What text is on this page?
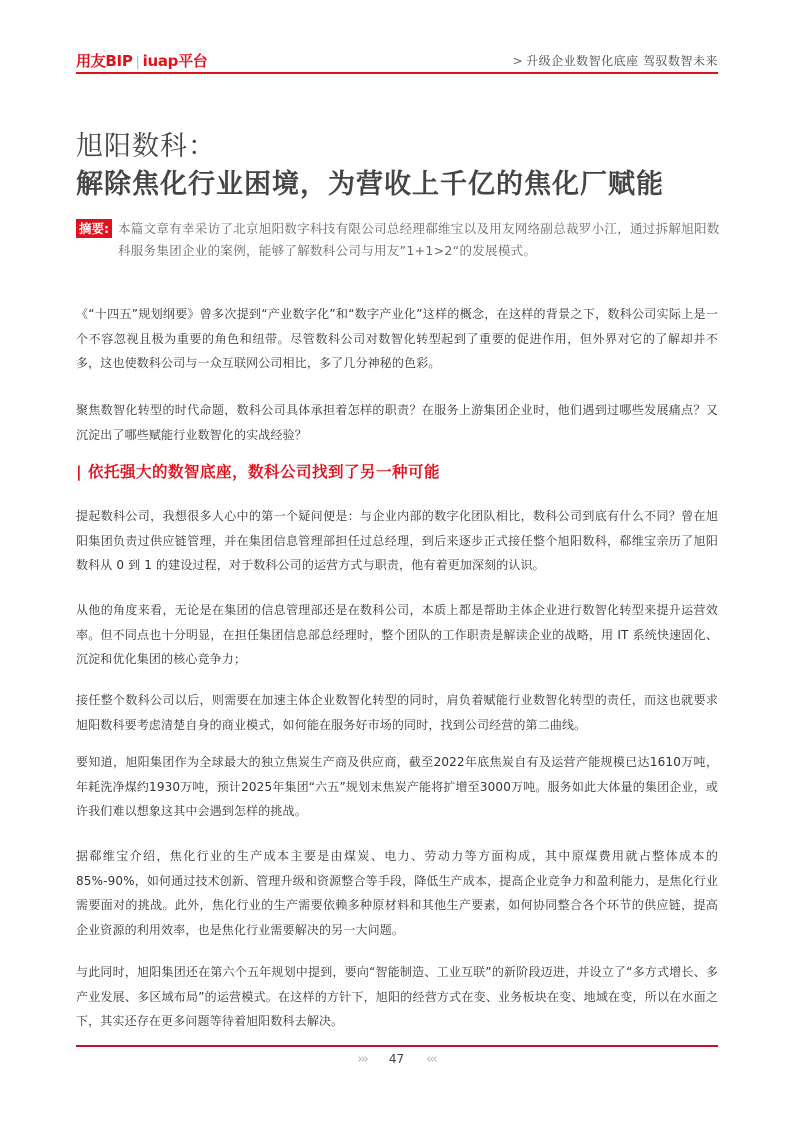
用友BIP | iuap平台	> 升级企业数智化底座 驾驭数智未来
旭阳数科：
解除焦化行业困境，为营收上千亿的焦化厂赋能
摘要: 本篇文章有幸采访了北京旭阳数字科技有限公司总经理郗维宝以及用友网络副总裁罗小江，通过拆解旭阳数科服务集团企业的案例，能够了解数科公司与用友”1+1>2“的发展模式。

《“十四五”规划纲要》曾多次提到“产业数字化”和“数字产业化”这样的概念，在这样的背景之下，数科公司实际上是一个不容忽视且极为重要的角色和纽带。尽管数科公司对数智化转型起到了重要的促进作用，但外界对它的了解却并不多，这也使数科公司与一众互联网公司相比，多了几分神秘的色彩。

聚焦数智化转型的时代命题，数科公司具体承担着怎样的职责？在服务上游集团企业时，他们遇到过哪些发展痛点？又沉淀出了哪些赋能行业数智化的实战经验？

| 依托强大的数智底座，数科公司找到了另一种可能

提起数科公司，我想很多人心中的第一个疑问便是：与企业内部的数字化团队相比，数科公司到底有什么不同？曾在旭阳集团负责过供应链管理，并在集团信息管理部担任过总经理，到后来逐步正式接任整个旭阳数科，郗维宝亲历了旭阳数科从 0 到 1 的建设过程，对于数科公司的运营方式与职责，他有着更加深刻的认识。

从他的角度来看，无论是在集团的信息管理部还是在数科公司，本质上都是帮助主体企业进行数智化转型来提升运营效率。但不同点也十分明显，在担任集团信息部总经理时，整个团队的工作职责是解读企业的战略，用 IT 系统快速固化、沉淀和优化集团的核心竞争力；

接任整个数科公司以后，则需要在加速主体企业数智化转型的同时，肩负着赋能行业数智化转型的责任，而这也就要求旭阳数科要考虑清楚自身的商业模式，如何能在服务好市场的同时，找到公司经营的第二曲线。

要知道，旭阳集团作为全球最大的独立焦炭生产商及供应商，截至2022年底焦炭自有及运营产能规模已达1610万吨，年耗洗净煤约1930万吨，预计2025年集团“六五”规划末焦炭产能将扩增至3000万吨。服务如此大体量的集团企业，或许我们难以想象这其中会遇到怎样的挑战。

据郗维宝介绍，焦化行业的生产成本主要是由煤炭、电力、劳动力等方面构成，其中原煤费用就占整体成本的85%-90%，如何通过技术创新、管理升级和资源整合等手段，降低生产成本，提高企业竞争力和盈利能力，是焦化行业需要面对的挑战。此外，焦化行业的生产需要依赖多种原材料和其他生产要素，如何协同整合各个环节的供应链，提高企业资源的利用效率，也是焦化行业需要解决的另一大问题。

与此同时，旭阳集团还在第六个五年规划中提到，要向“智能制造、工业互联”的新阶段迈进，并设立了“多方式增长、多产业发展、多区域布局”的运营模式。在这样的方针下，旭阳的经营方式在变、业务板块在变、地域在变，所以在水面之下，其实还存在更多问题等待着旭阳数科去解决。

››› 47 ‹‹‹
